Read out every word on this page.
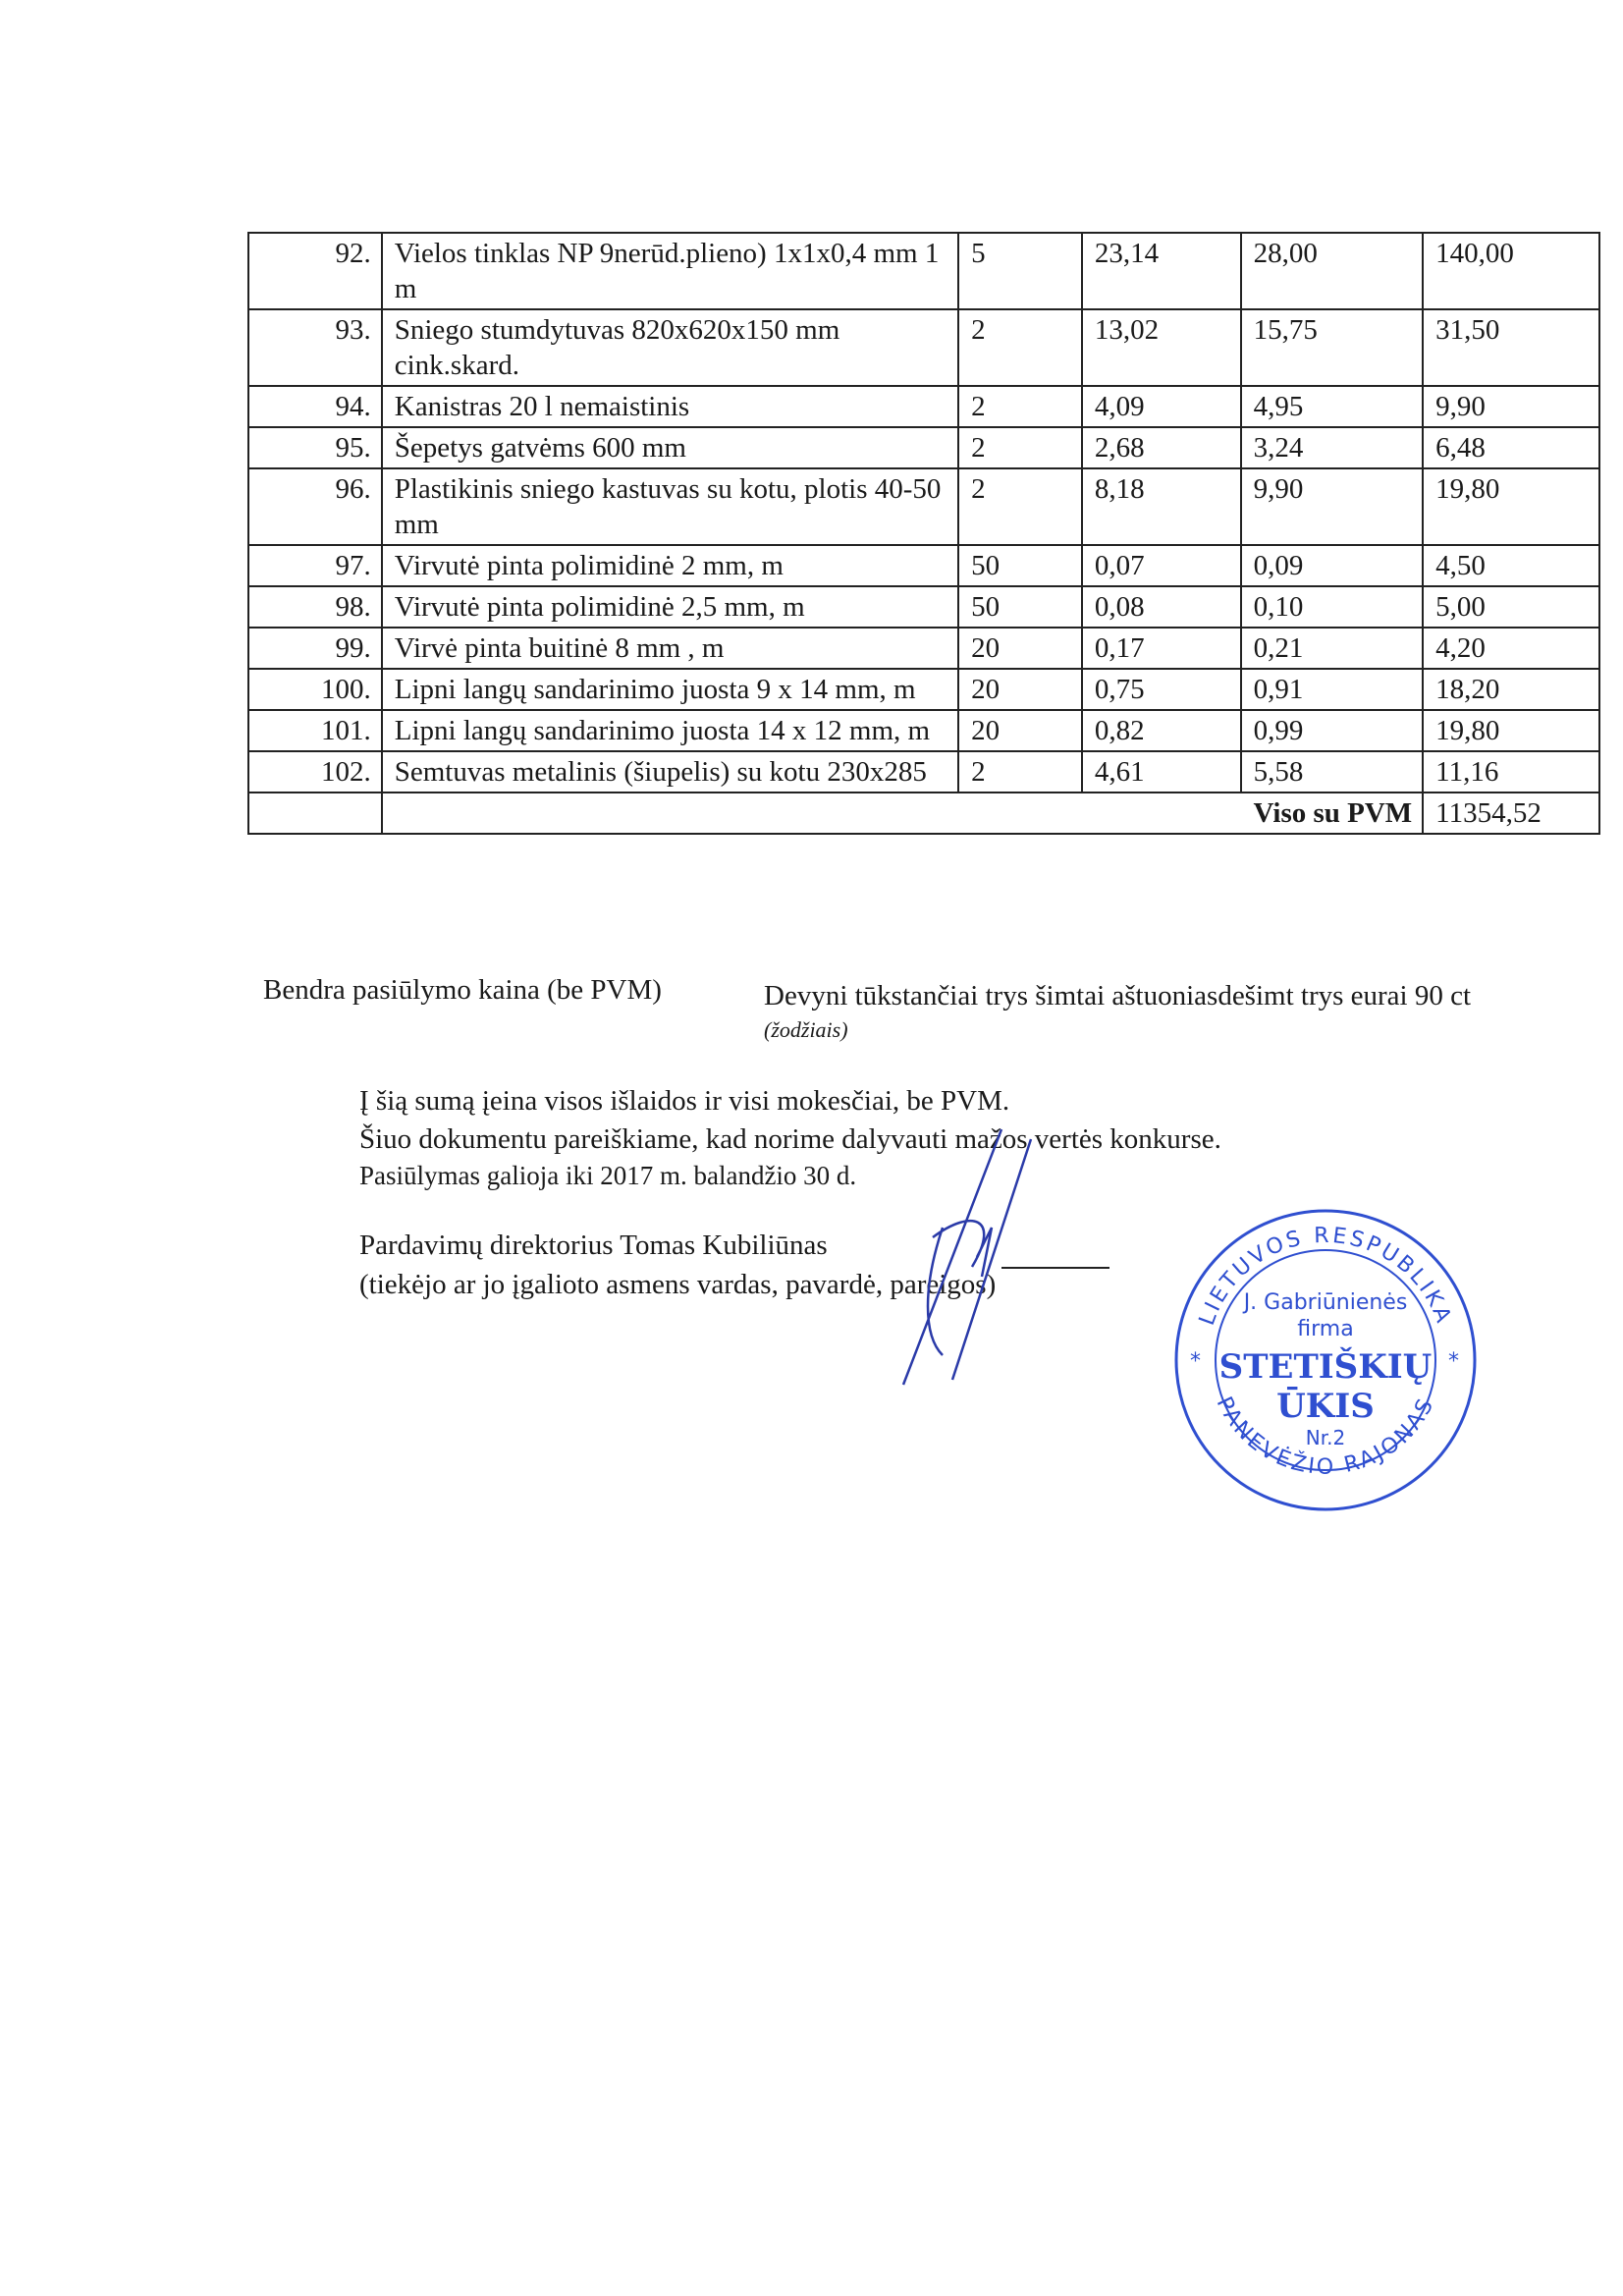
92.	Vielos tinklas NP 9nerūd.plieno) 1x1x0,4 mm 1 m	5	23,14	28,00	140,00
93.	Sniego stumdytuvas 820x620x150 mm cink.skard.	2	13,02	15,75	31,50
94.	Kanistras 20 l nemaistinis	2	4,09	4,95	9,90
95.	Šepetys gatvėms 600 mm	2	2,68	3,24	6,48
96.	Plastikinis sniego kastuvas su kotu, plotis 40-50 mm	2	8,18	9,90	19,80
97.	Virvutė pinta polimidinė 2 mm, m	50	0,07	0,09	4,50
98.	Virvutė pinta polimidinė 2,5 mm, m	50	0,08	0,10	5,00
99.	Virvė pinta buitinė 8 mm , m	20	0,17	0,21	4,20
100.	Lipni langų sandarinimo juosta 9 x 14 mm, m	20	0,75	0,91	18,20
101.	Lipni langų sandarinimo juosta 14 x 12 mm, m	20	0,82	0,99	19,80
102.	Semtuvas metalinis (šiupelis) su kotu 230x285	2	4,61	5,58	11,16
	Viso su PVM				11354,52
Bendra pasiūlymo kaina (be PVM)	Devyni tūkstančiai trys šimtai aštuoniasdešimt trys eurai 90 ct
(žodžiais)
Į šią sumą įeina visos išlaidos ir visi mokesčiai, be PVM.
Šiuo dokumentu pareiškiame, kad norime dalyvauti mažos vertės konkurse.
Pasiūlymas galioja iki 2017 m. balandžio 30 d.
Pardavimų direktorius Tomas Kubiliūnas
(tiekėjo ar jo įgalioto asmens vardas, pavardė, pareigos)
LIETUVOS RESPUBLIKA
PANEVĖŽIO RAJONAS
J. Gabriūnienės
firma
STETIŠKIŲ
ŪKIS
Nr.2
*	*
